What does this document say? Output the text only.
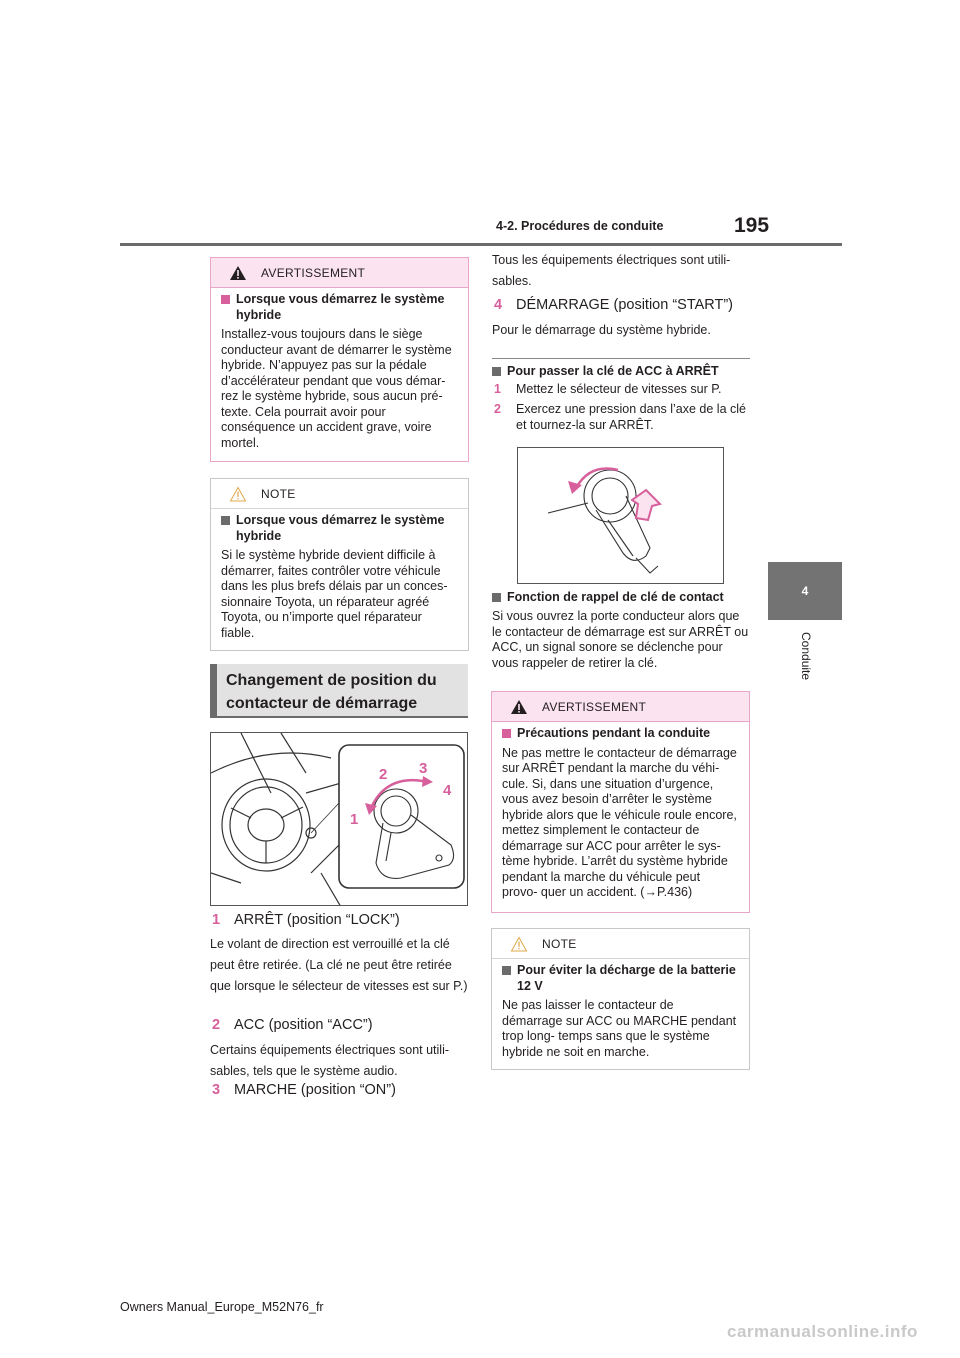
4-2. Procédures de conduite	195
4
Conduite
AVERTISSEMENT
Lorsque vous démarrez le système hybride

Installez-vous toujours dans le siège conducteur avant de démarrer le système hybride. N’appuyez pas sur la pédale d’accélérateur pendant que vous démar- rez le système hybride, sous aucun pré- texte. Cela pourrait avoir pour conséquence un accident grave, voire mortel.

NOTE
Lorsque vous démarrez le système hybride

Si le système hybride devient difficile à démarrer, faites contrôler votre véhicule dans les plus brefs délais par un conces- sionnaire Toyota, un réparateur agréé Toyota, ou n’importe quel réparateur fiable.

Changement de position du
contacteur de démarrage
1
2 3
4
1 ARRÊT (position “LOCK”)
Le volant de direction est verrouillé et la clé peut être retirée. (La clé ne peut être retirée que lorsque le sélecteur de vitesses est sur P.)
2 ACC (position “ACC”)
Certains équipements électriques sont utili- sables, tels que le système audio.
3 MARCHE (position “ON”)
Tous les équipements électriques sont utili- sables.
4 DÉMARRAGE (position “START”)
Pour le démarrage du système hybride.
Pour passer la clé de ACC à ARRÊT
1	Mettez le sélecteur de vitesses sur P.
2	Exercez une pression dans l’axe de la clé et tournez-la sur ARRÊT.
Fonction de rappel de clé de contact
Si vous ouvrez la porte conducteur alors que le contacteur de démarrage est sur ARRÊT ou ACC, un signal sonore se déclenche pour vous rappeler de retirer la clé.
AVERTISSEMENT
Précautions pendant la conduite

Ne pas mettre le contacteur de démarrage sur ARRÊT pendant la marche du véhi- cule. Si, dans une situation d’urgence, vous avez besoin d’arrêter le système hybride alors que le véhicule roule encore, mettez simplement le contacteur de démarrage sur ACC pour arrêter le sys- tème hybride. L’arrêt du système hybride pendant la marche du véhicule peut provo- quer un accident. (→P.436)

NOTE
Pour éviter la décharge de la batterie 12 V

Ne pas laisser le contacteur de démarrage sur ACC ou MARCHE pendant trop long- temps sans que le système hybride ne soit en marche.

Owners Manual_Europe_M52N76_fr
carmanualsonline.info
